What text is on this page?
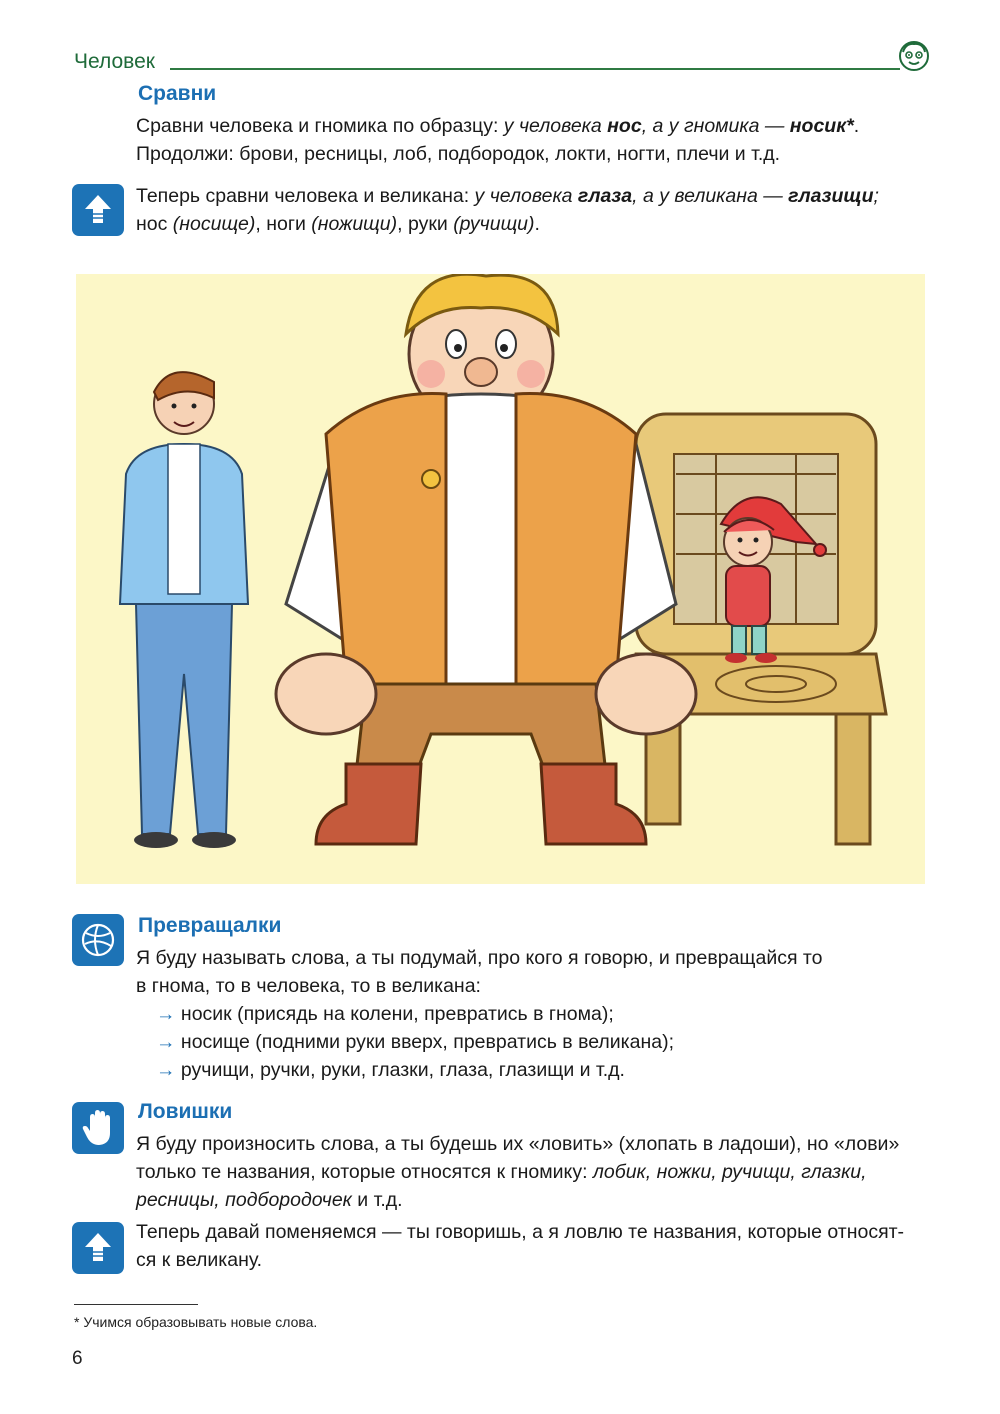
Человек
Сравни
Сравни человека и гномика по образцу: у человека нос, а у гномика — носик*.
Продолжи: брови, ресницы, лоб, подбородок, локти, ногти, плечи и т.д.
Теперь сравни человека и великана: у человека глаза, а у великана — глазищи;
нос (носище), ноги (ножищи), руки (ручищи).
Превращалки
Я буду называть слова, а ты подумай, про кого я говорю, и превращайся то
в гнома, то в человека, то в великана:
→ носик (присядь на колени, превратись в гнома);
→ носище (подними руки вверх, превратись в великана);
→ ручищи, ручки, руки, глазки, глаза, глазищи и т.д.
Ловишки
Я буду произносить слова, а ты будешь их «ловить» (хлопать в ладоши), но «лови»
только те названия, которые относятся к гномику: лобик, ножки, ручищи, глазки,
ресницы, подбородочек и т.д.
Теперь давай поменяемся — ты говоришь, а я ловлю те названия, которые относят-
ся к великану.
* Учимся образовывать новые слова.
6
